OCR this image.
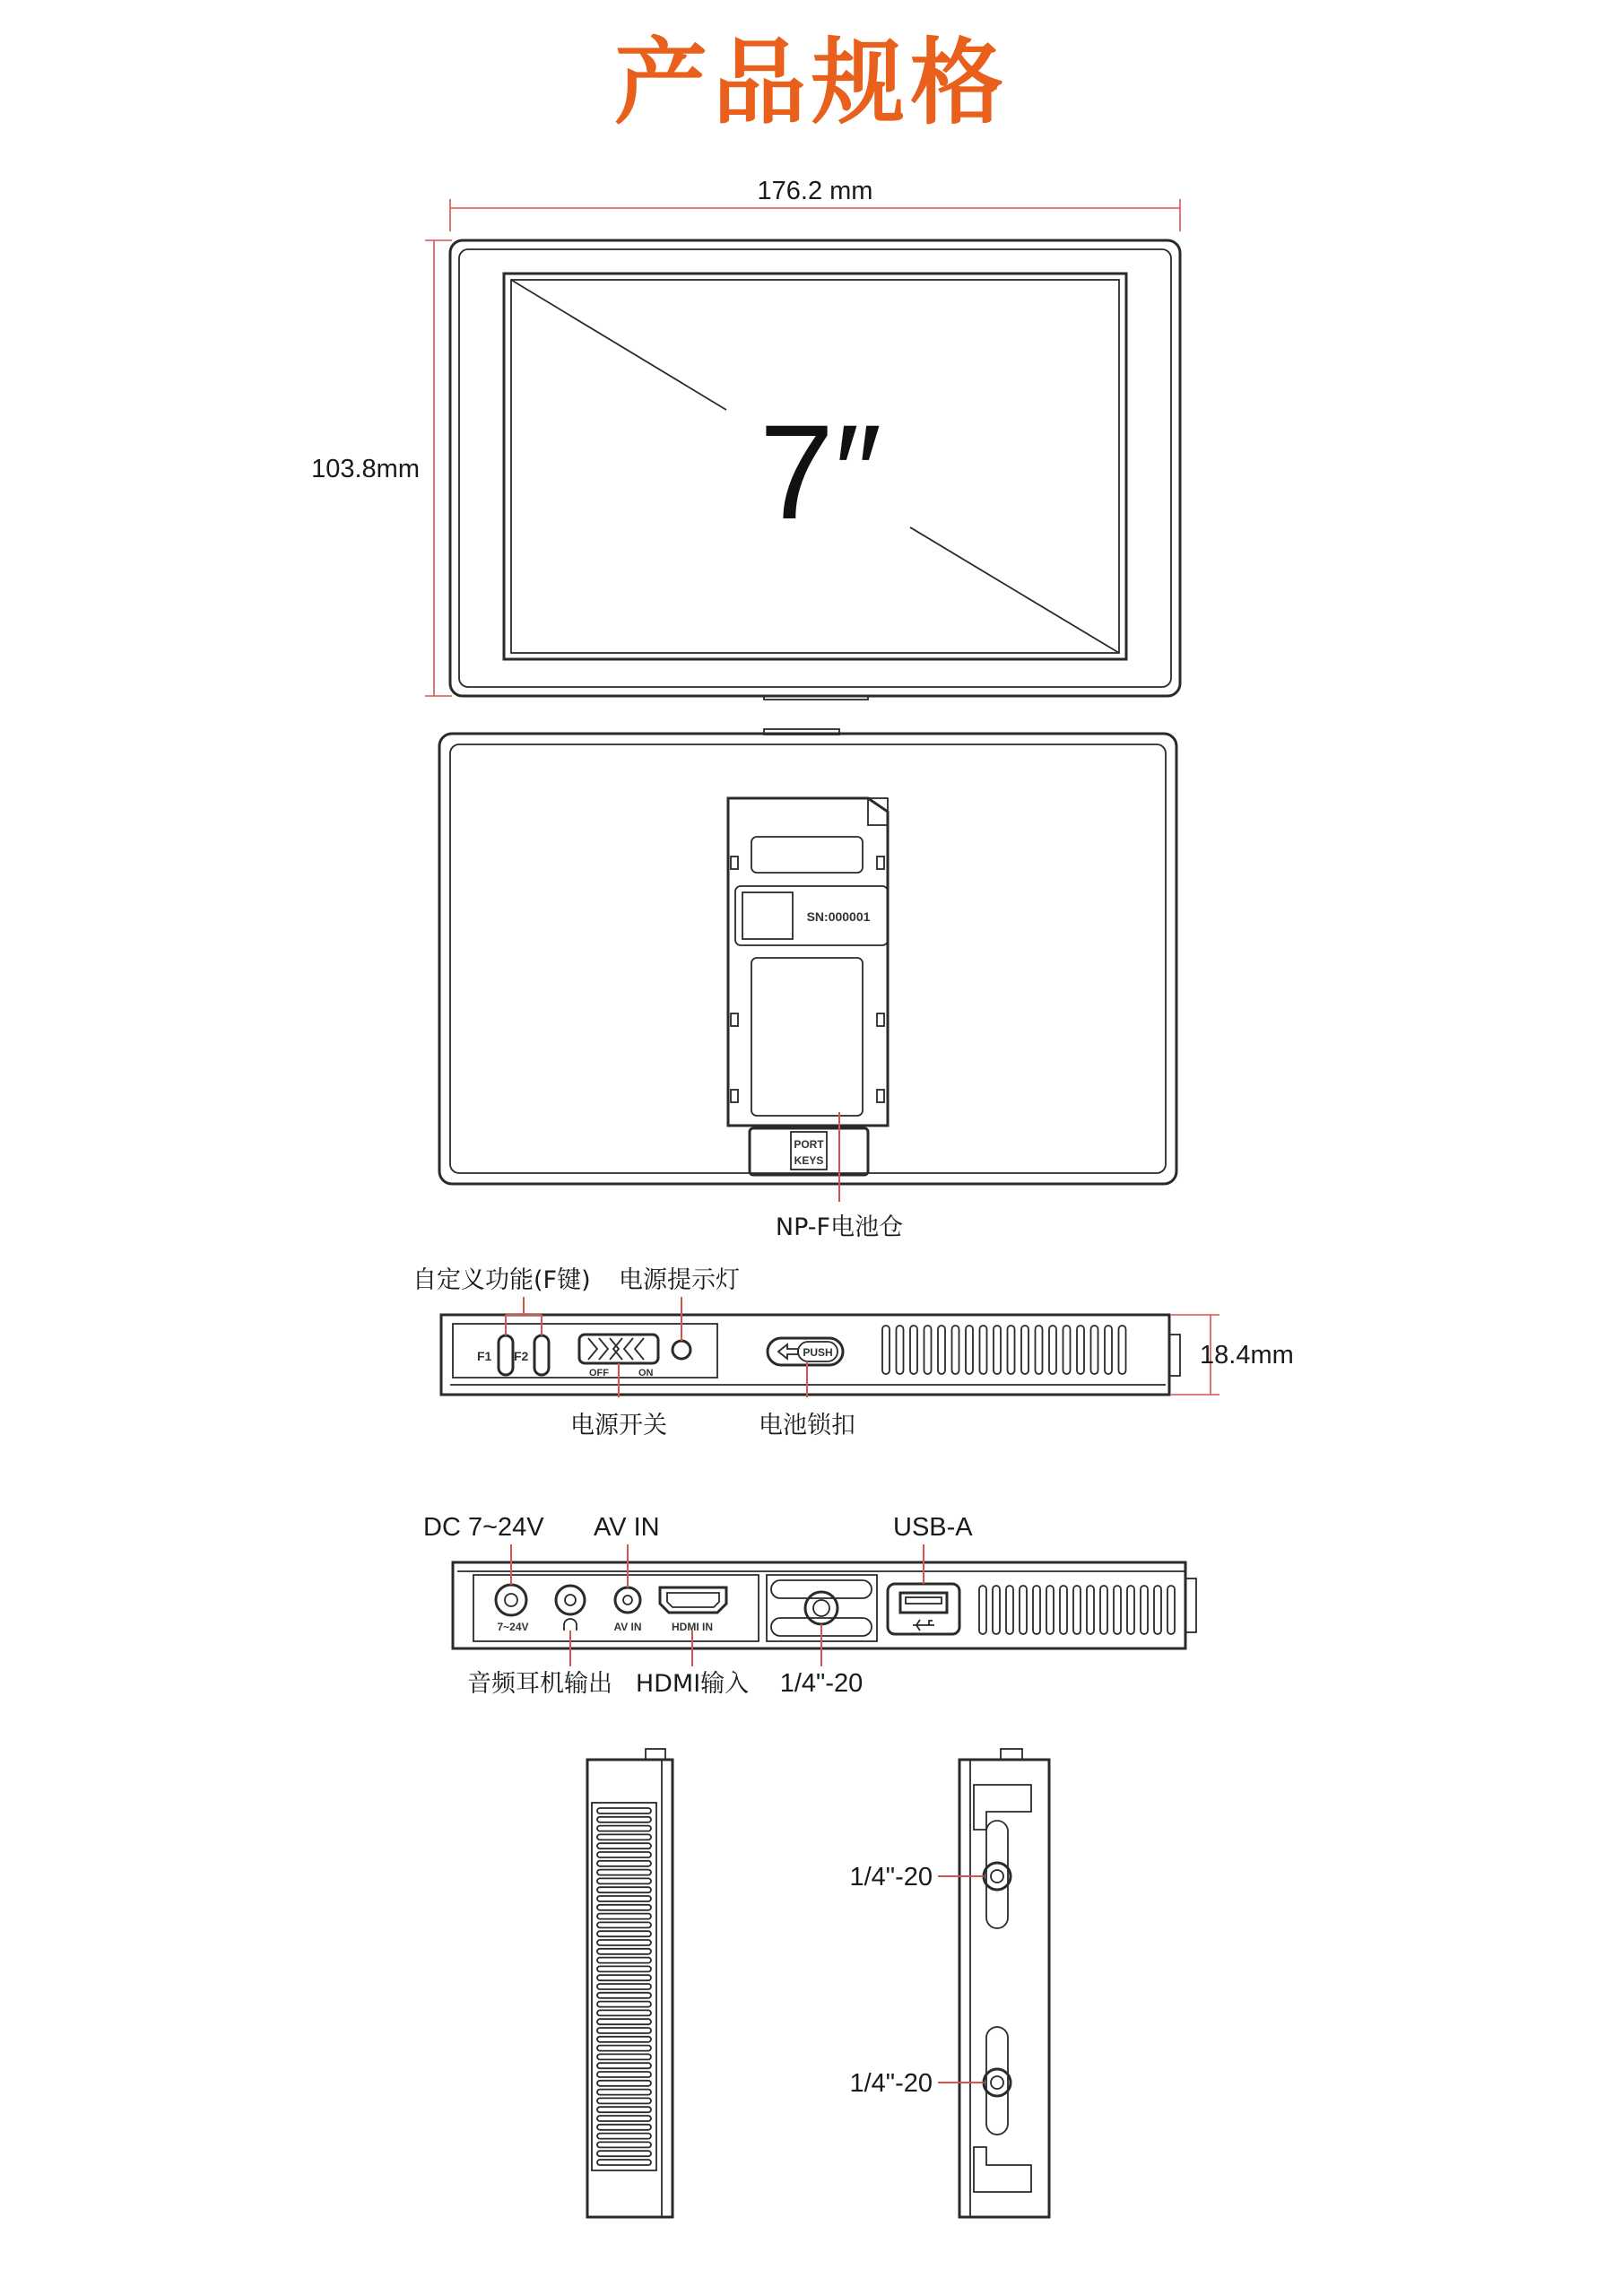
产品规格
176.2 mm
103.8mm	7″
SN:000001
PORT
KEYS
NP-F电池仓
自定义功能(F键) 电源提示灯
F1 F2
OFF	ON
电源开关
PUSH
电池锁扣
18.4mm
DC 7~24V AV IN	USB-A
7~24V
音频耳机输出
AV IN	HDMI IN
HDMI输入 1/4"-20
1/4"-20
1/4"-20
